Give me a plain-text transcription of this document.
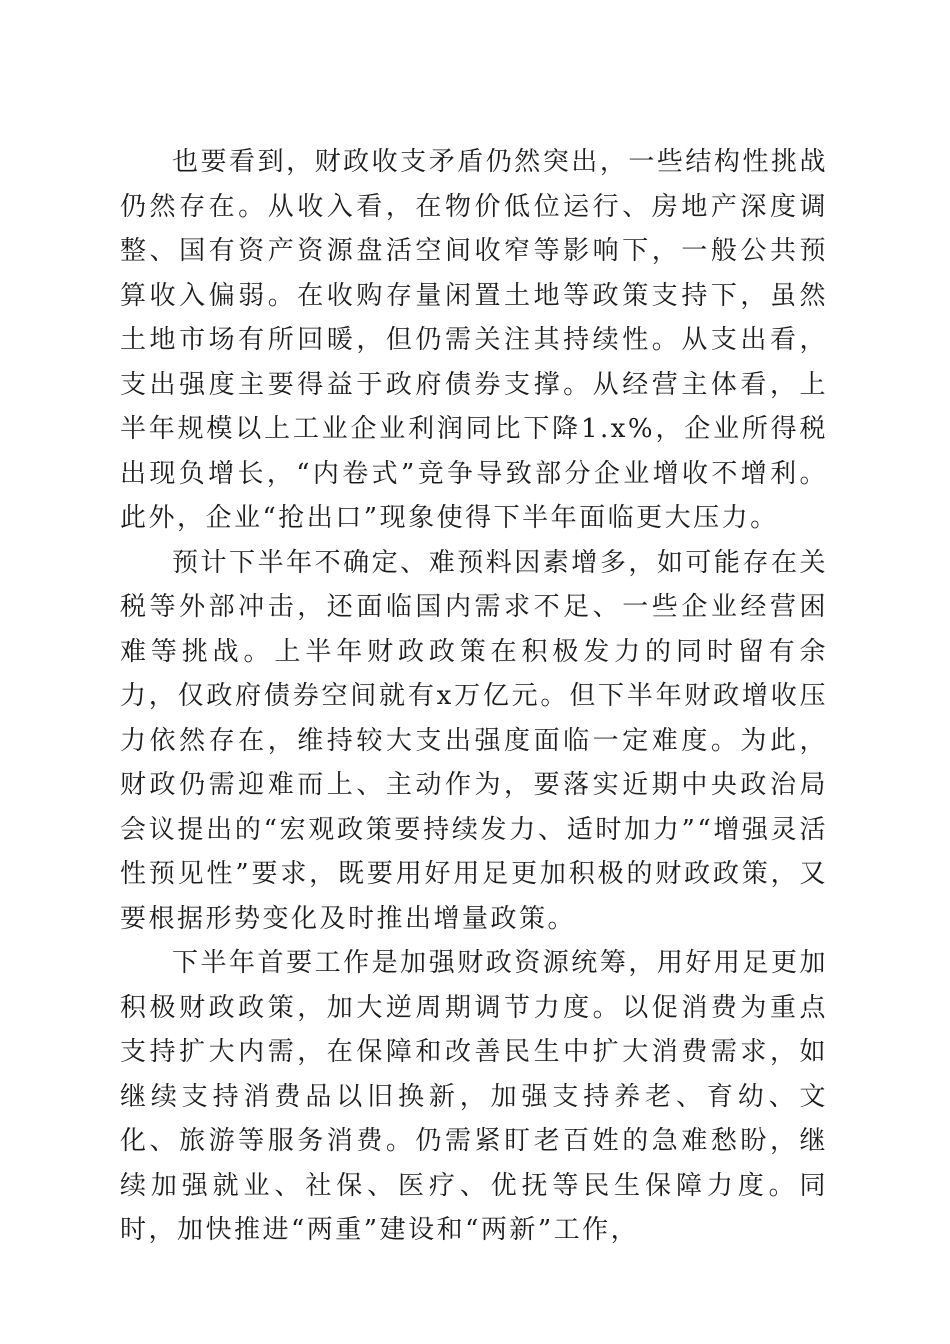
也要看到，财政收支矛盾仍然突出，一些结构性挑战仍然存在。从收入看，在物价低位运行、房地产深度调整、国有资产资源盘活空间收窄等影响下，一般公共预算收入偏弱。在收购存量闲置土地等政策支持下，虽然土地市场有所回暖，但仍需关注其持续性。从支出看，支出强度主要得益于政府债券支撑。从经营主体看，上半年规模以上工业企业利润同比下降1.x%，企业所得税出现负增长，“内卷式”竞争导致部分企业增收不增利。此外，企业“抢出口”现象使得下半年面临更大压力。

预计下半年不确定、难预料因素增多，如可能存在关税等外部冲击，还面临国内需求不足、一些企业经营困难等挑战。上半年财政政策在积极发力的同时留有余力，仅政府债券空间就有x万亿元。但下半年财政增收压力依然存在，维持较大支出强度面临一定难度。为此，财政仍需迎难而上、主动作为，要落实近期中央政治局会议提出的“宏观政策要持续发力、适时加力”“增强灵活性预见性”要求，既要用好用足更加积极的财政政策，又要根据形势变化及时推出增量政策。

下半年首要工作是加强财政资源统筹，用好用足更加积极财政政策，加大逆周期调节力度。以促消费为重点支持扩大内需，在保障和改善民生中扩大消费需求，如继续支持消费品以旧换新，加强支持养老、育幼、文化、旅游等服务消费。仍需紧盯老百姓的急难愁盼，继续加强就业、社保、医疗、优抚等民生保障力度。同时，加快推进“两重”建设和“两新”工作，
